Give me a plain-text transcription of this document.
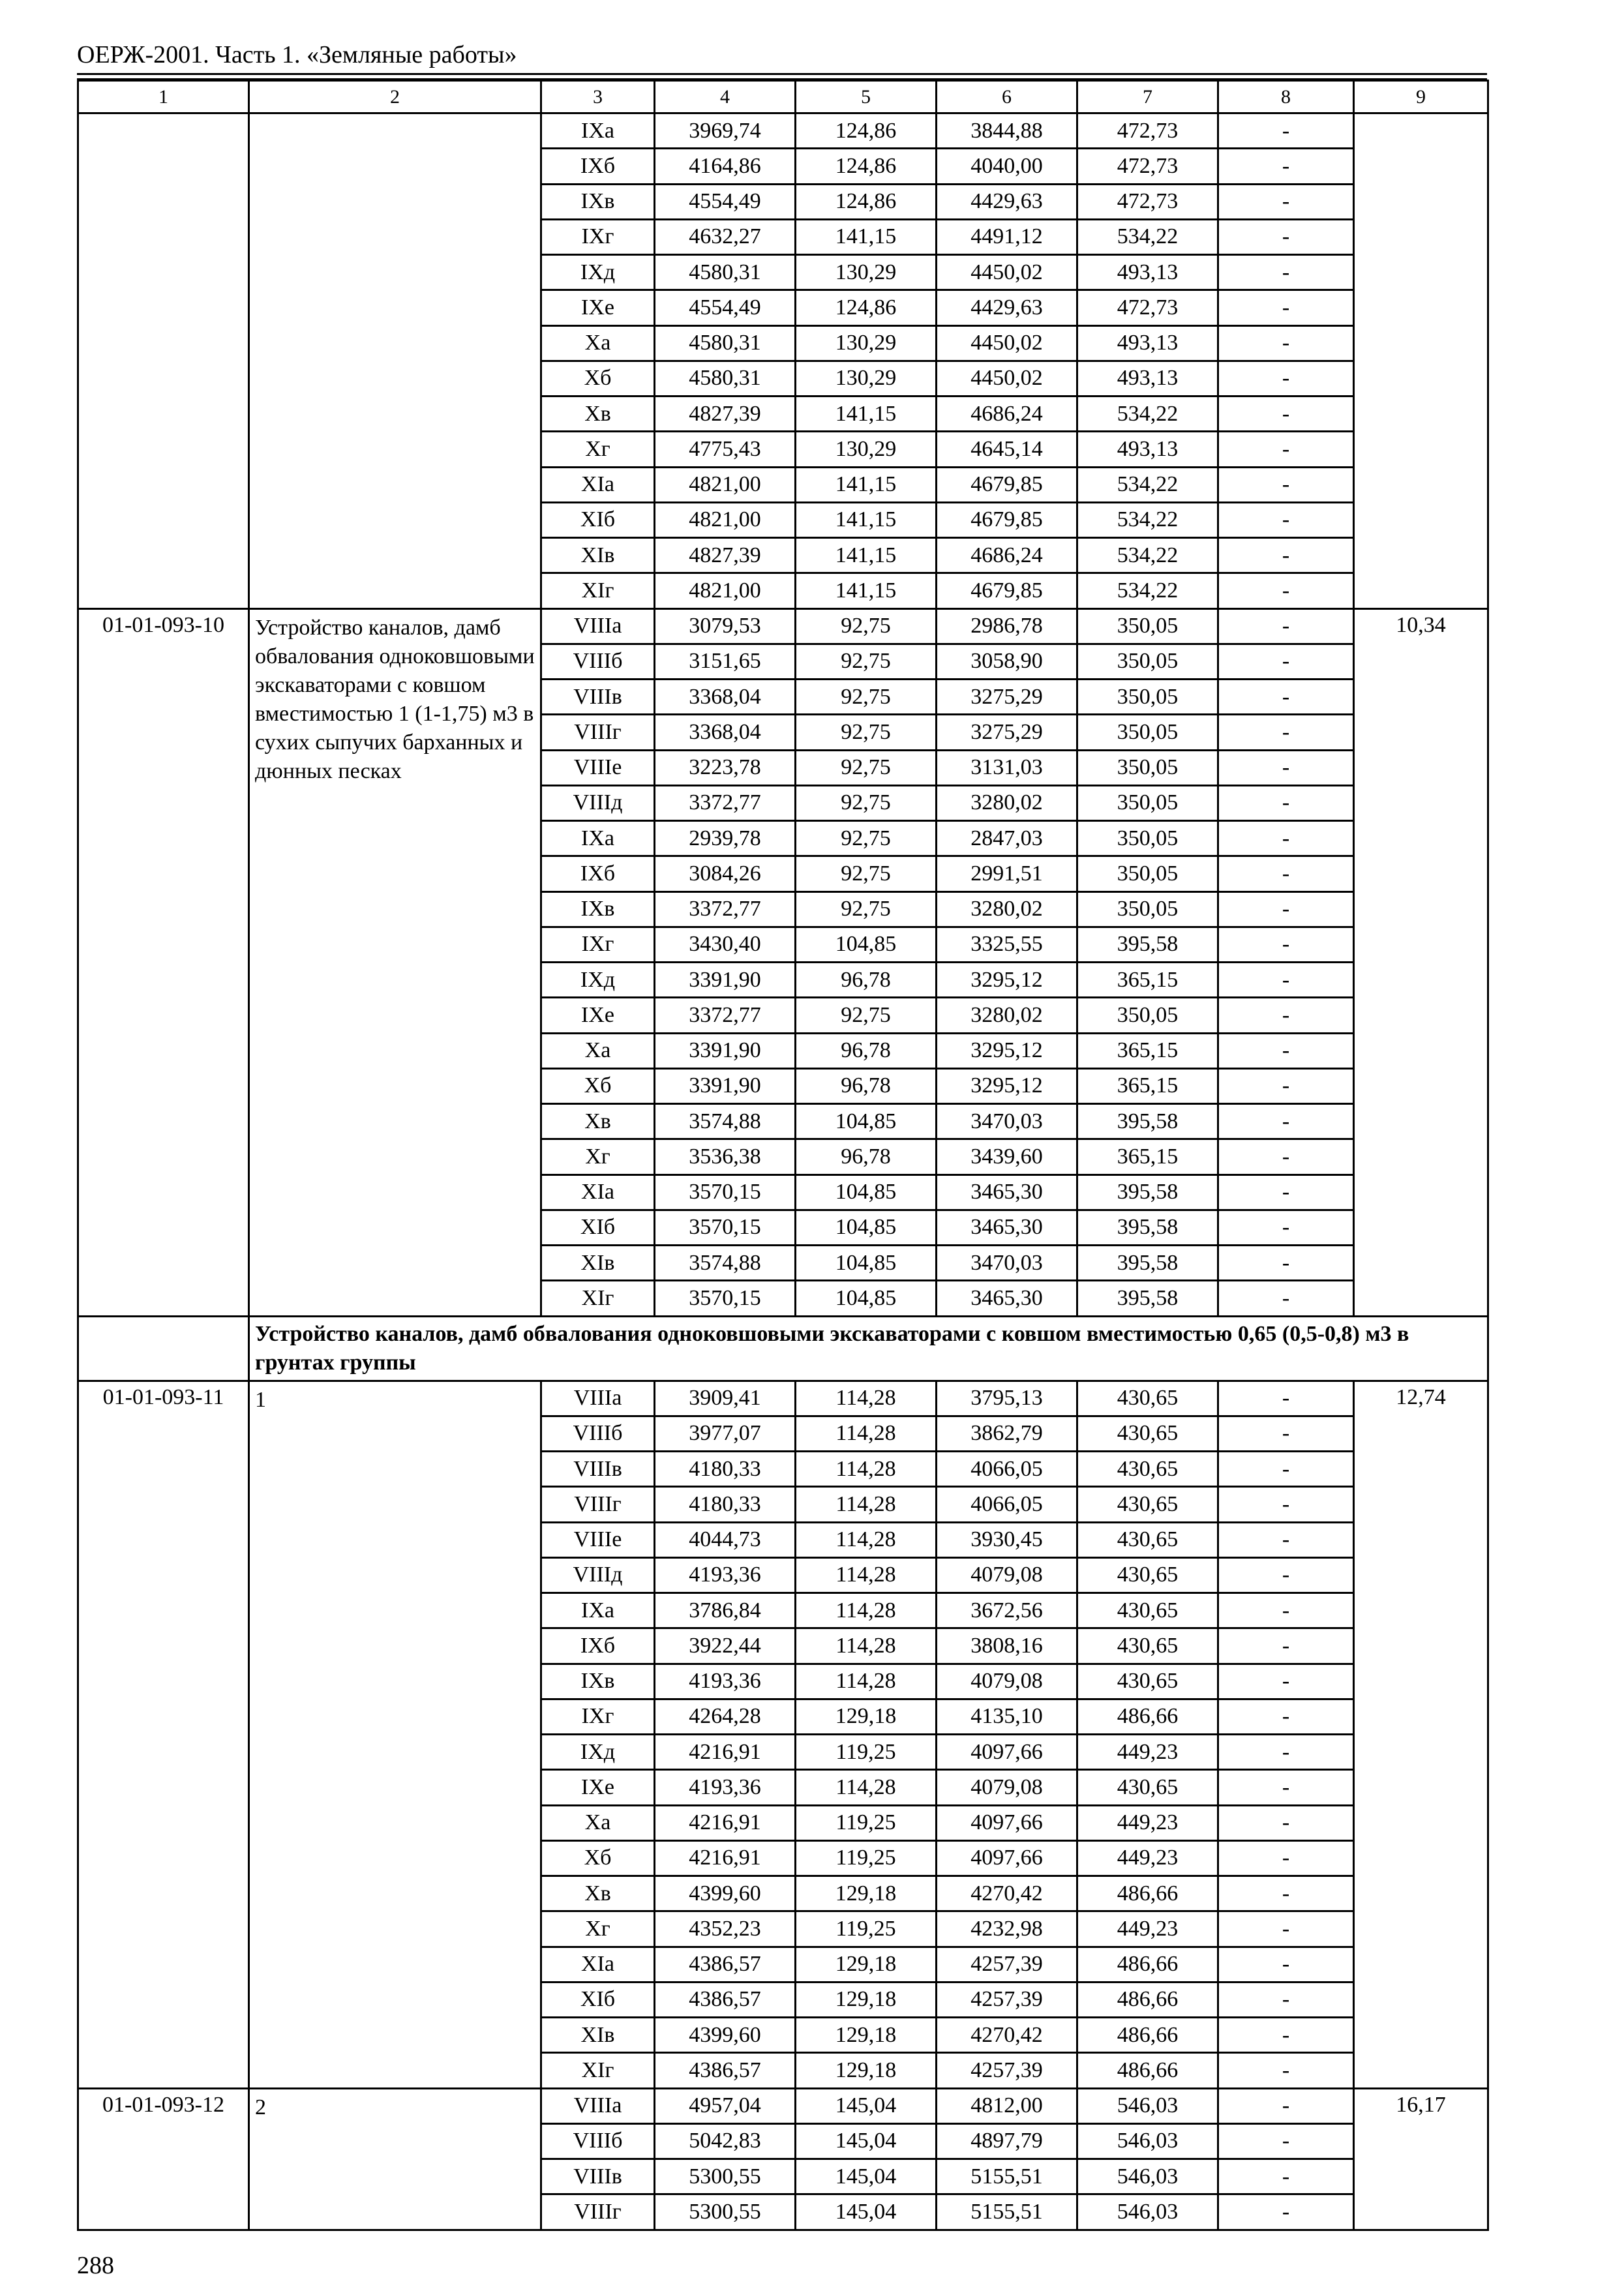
ОЕРЖ-2001. Часть 1. «Земляные работы»
1	2	3	4	5	6	7	8	9
		IXа	3969,74	124,86	3844,88	472,73	-	
		IXб	4164,86	124,86	4040,00	472,73	-	
		IXв	4554,49	124,86	4429,63	472,73	-	
		IXг	4632,27	141,15	4491,12	534,22	-	
		IXд	4580,31	130,29	4450,02	493,13	-	
		IXе	4554,49	124,86	4429,63	472,73	-	
		Xа	4580,31	130,29	4450,02	493,13	-	
		Xб	4580,31	130,29	4450,02	493,13	-	
		Xв	4827,39	141,15	4686,24	534,22	-	
		Xг	4775,43	130,29	4645,14	493,13	-	
		XIа	4821,00	141,15	4679,85	534,22	-	
		XIб	4821,00	141,15	4679,85	534,22	-	
		XIв	4827,39	141,15	4686,24	534,22	-	
		XIг	4821,00	141,15	4679,85	534,22	-	
01-01-093-10	Устройство каналов, дамб обвалования одноковшовыми экскаваторами с ковшом вместимостью 1 (1-1,75) м3 в сухих сыпучих барханных и дюнных песках	VIIIа	3079,53	92,75	2986,78	350,05	-	10,34
		VIIIб	3151,65	92,75	3058,90	350,05	-	
		VIIIв	3368,04	92,75	3275,29	350,05	-	
		VIIIг	3368,04	92,75	3275,29	350,05	-	
		VIIIе	3223,78	92,75	3131,03	350,05	-	
		VIIIд	3372,77	92,75	3280,02	350,05	-	
		IXа	2939,78	92,75	2847,03	350,05	-	
		IXб	3084,26	92,75	2991,51	350,05	-	
		IXв	3372,77	92,75	3280,02	350,05	-	
		IXг	3430,40	104,85	3325,55	395,58	-	
		IXд	3391,90	96,78	3295,12	365,15	-	
		IXе	3372,77	92,75	3280,02	350,05	-	
		Xа	3391,90	96,78	3295,12	365,15	-	
		Xб	3391,90	96,78	3295,12	365,15	-	
		Xв	3574,88	104,85	3470,03	395,58	-	
		Xг	3536,38	96,78	3439,60	365,15	-	
		XIа	3570,15	104,85	3465,30	395,58	-	
		XIб	3570,15	104,85	3465,30	395,58	-	
		XIв	3574,88	104,85	3470,03	395,58	-	
		XIг	3570,15	104,85	3465,30	395,58	-	
	Устройство каналов, дамб обвалования одноковшовыми экскаваторами с ковшом вместимостью 0,65 (0,5-0,8) м3 в грунтах группы							
01-01-093-11	1	VIIIа	3909,41	114,28	3795,13	430,65	-	12,74
		VIIIб	3977,07	114,28	3862,79	430,65	-	
		VIIIв	4180,33	114,28	4066,05	430,65	-	
		VIIIг	4180,33	114,28	4066,05	430,65	-	
		VIIIе	4044,73	114,28	3930,45	430,65	-	
		VIIIд	4193,36	114,28	4079,08	430,65	-	
		IXа	3786,84	114,28	3672,56	430,65	-	
		IXб	3922,44	114,28	3808,16	430,65	-	
		IXв	4193,36	114,28	4079,08	430,65	-	
		IXг	4264,28	129,18	4135,10	486,66	-	
		IXд	4216,91	119,25	4097,66	449,23	-	
		IXе	4193,36	114,28	4079,08	430,65	-	
		Xа	4216,91	119,25	4097,66	449,23	-	
		Xб	4216,91	119,25	4097,66	449,23	-	
		Xв	4399,60	129,18	4270,42	486,66	-	
		Xг	4352,23	119,25	4232,98	449,23	-	
		XIа	4386,57	129,18	4257,39	486,66	-	
		XIб	4386,57	129,18	4257,39	486,66	-	
		XIв	4399,60	129,18	4270,42	486,66	-	
		XIг	4386,57	129,18	4257,39	486,66	-	
01-01-093-12	2	VIIIа	4957,04	145,04	4812,00	546,03	-	16,17
		VIIIб	5042,83	145,04	4897,79	546,03	-	
		VIIIв	5300,55	145,04	5155,51	546,03	-	
		VIIIг	5300,55	145,04	5155,51	546,03	-	
288
